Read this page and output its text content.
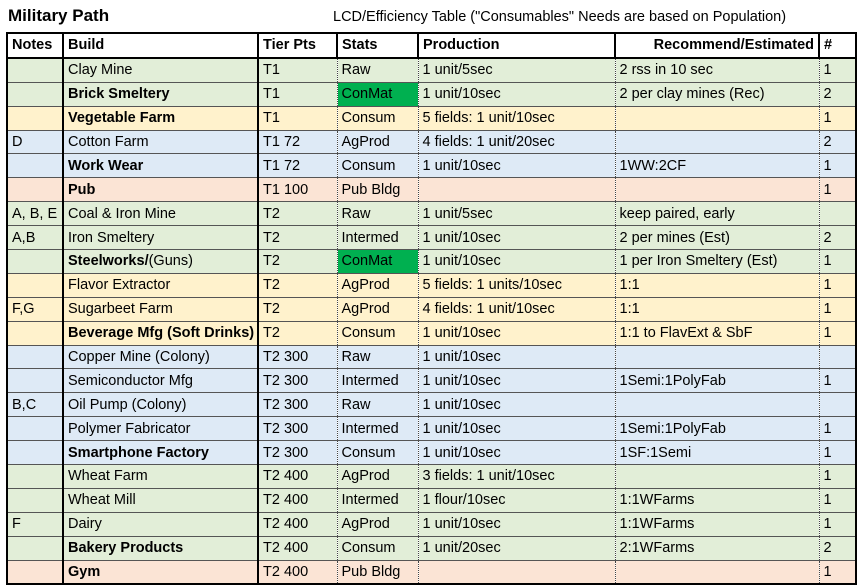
Military Path	LCD/Efficiency Table ("Consumables" Needs are based on Population)
Notes	Build	Tier Pts	Stats	Production	Recommend/Estimated	#
	Clay Mine	T1	Raw	1 unit/5sec	2 rss in 10 sec	1
	Brick Smeltery	T1	ConMat	1 unit/10sec	2 per clay mines (Rec)	2
	Vegetable Farm	T1	Consum	5 fields: 1 unit/10sec		1
D	Cotton Farm	T1 72	AgProd	4 fields: 1 unit/20sec		2
	Work Wear	T1 72	Consum	1 unit/10sec	1WW:2CF	1
	Pub	T1 100	Pub Bldg			1
A, B, E	Coal & Iron Mine	T2	Raw	1 unit/5sec	keep paired, early	
A,B	Iron Smeltery	T2	Intermed	1 unit/10sec	2 per mines (Est)	2
	Steelworks/(Guns)	T2	ConMat	1 unit/10sec	1 per Iron Smeltery (Est)	1
	Flavor Extractor	T2	AgProd	5 fields: 1 units/10sec	1:1	1
F,G	Sugarbeet Farm	T2	AgProd	4 fields: 1 unit/10sec	1:1	1
	Beverage Mfg (Soft Drinks)	T2	Consum	1 unit/10sec	1:1 to FlavExt & SbF	1
	Copper Mine (Colony)	T2 300	Raw	1 unit/10sec		
	Semiconductor Mfg	T2 300	Intermed	1 unit/10sec	1Semi:1PolyFab	1
B,C	Oil Pump (Colony)	T2 300	Raw	1 unit/10sec		
	Polymer Fabricator	T2 300	Intermed	1 unit/10sec	1Semi:1PolyFab	1
	Smartphone Factory	T2 300	Consum	1 unit/10sec	1SF:1Semi	1
	Wheat Farm	T2 400	AgProd	3 fields: 1 unit/10sec		1
	Wheat Mill	T2 400	Intermed	1 flour/10sec	1:1WFarms	1
F	Dairy	T2 400	AgProd	1 unit/10sec	1:1WFarms	1
	Bakery Products	T2 400	Consum	1 unit/20sec	2:1WFarms	2
	Gym	T2 400	Pub Bldg			1
